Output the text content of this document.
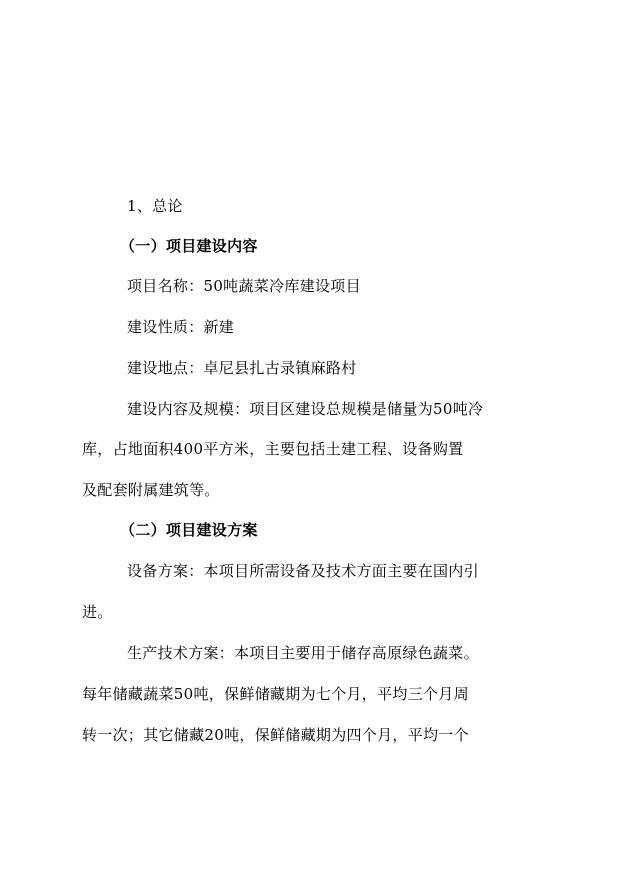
1、总论
（一）项目建设内容
项目名称：50吨蔬菜冷库建设项目
建设性质：新建
建设地点：卓尼县扎古录镇麻路村
建设内容及规模：项目区建设总规模是储量为50吨冷
库，占地面积400平方米，主要包括土建工程、设备购置
及配套附属建筑等。
（二）项目建设方案
设备方案：本项目所需设备及技术方面主要在国内引
进。
生产技术方案：本项目主要用于储存高原绿色蔬菜。
每年储藏蔬菜50吨，保鲜储藏期为七个月，平均三个月周
转一次；其它储藏20吨，保鲜储藏期为四个月，平均一个
